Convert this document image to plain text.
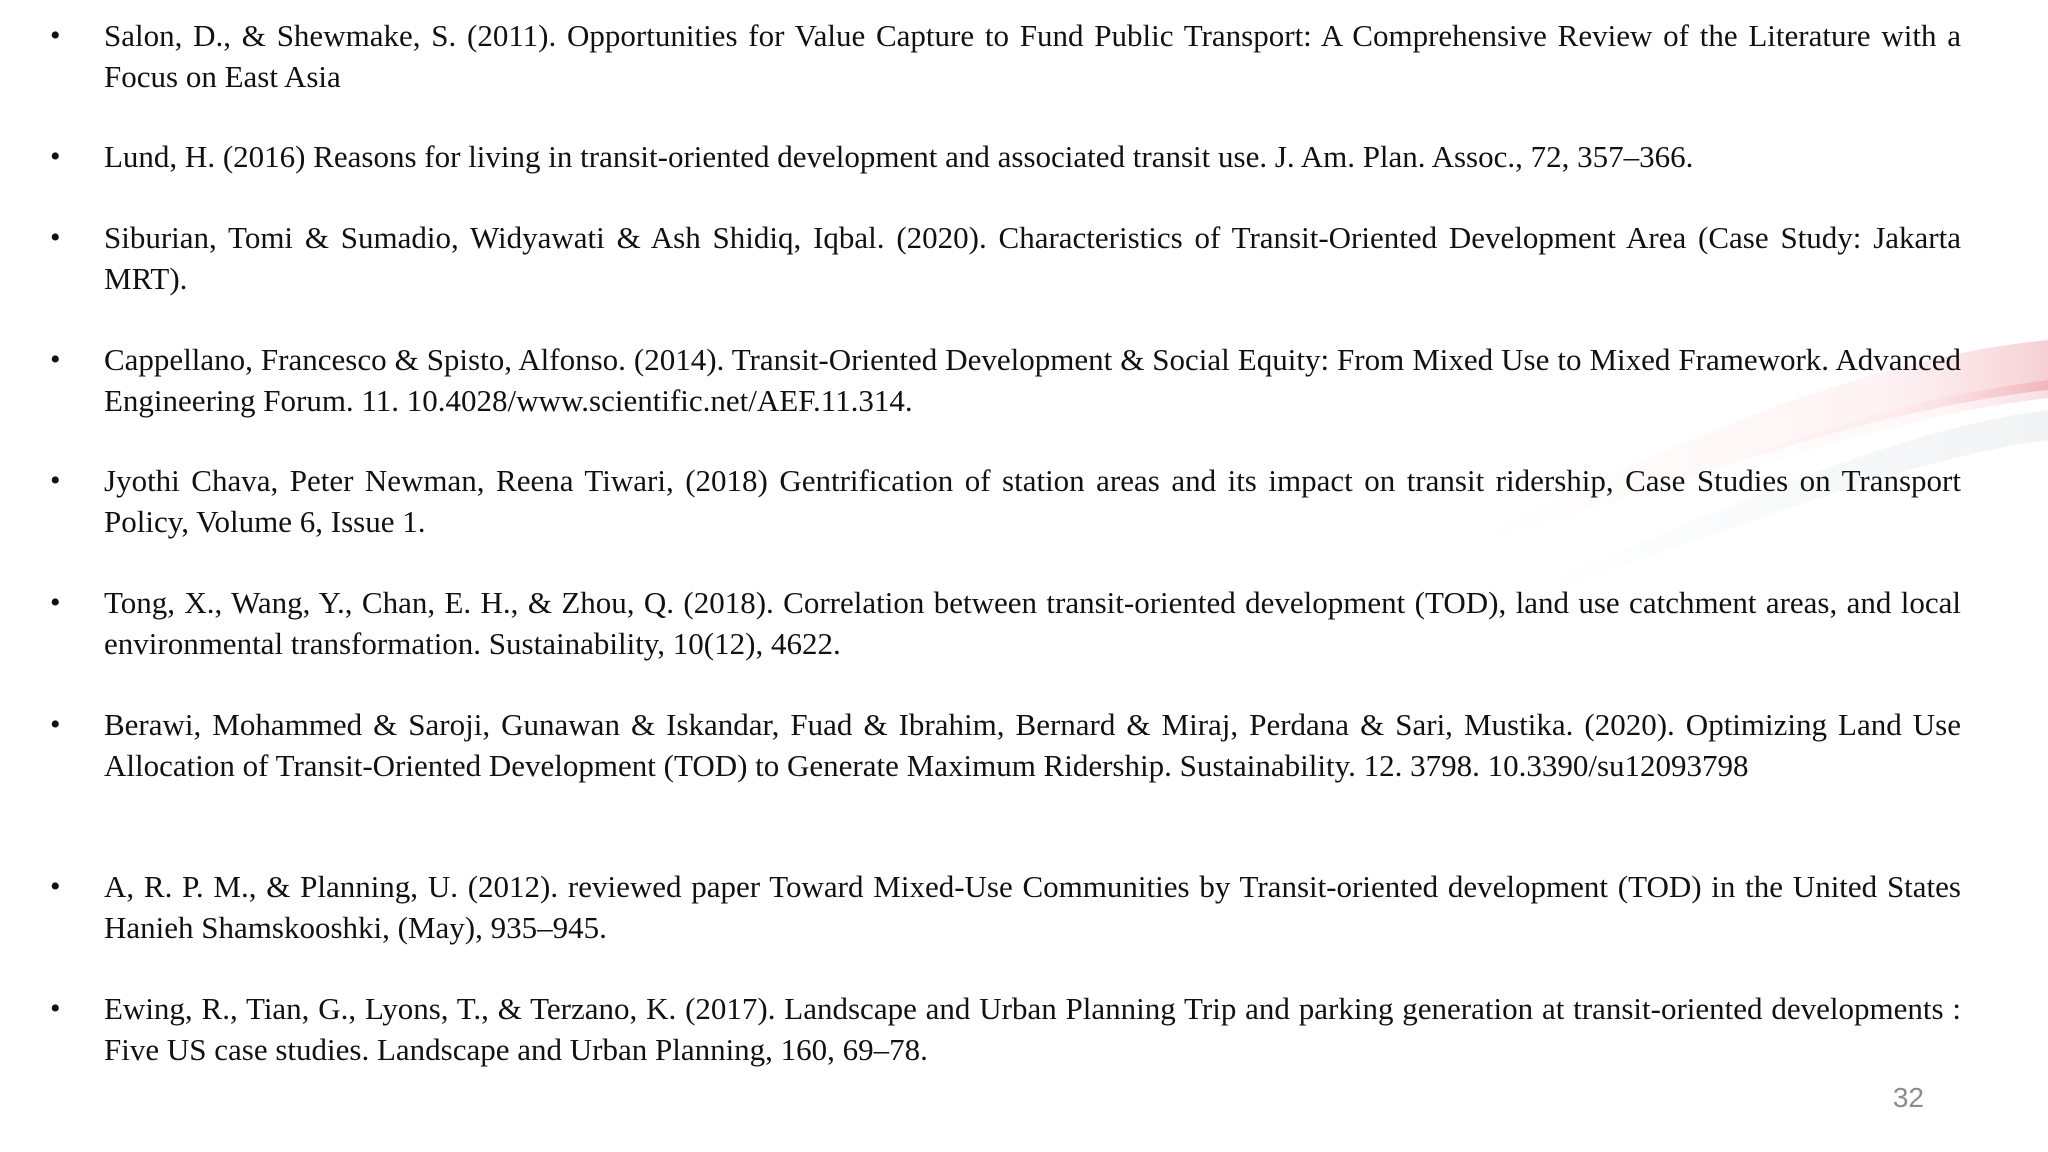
• Salon, D., & Shewmake, S. (2011). Opportunities for Value Capture to Fund Public Transport: A Comprehensive Review of the Literature with a Focus on East Asia
• Lund, H. (2016) Reasons for living in transit-oriented development and associated transit use. J. Am. Plan. Assoc., 72, 357–366.
• Siburian, Tomi & Sumadio, Widyawati & Ash Shidiq, Iqbal. (2020). Characteristics of Transit-Oriented Development Area (Case Study: Jakarta MRT).
• Cappellano, Francesco & Spisto, Alfonso. (2014). Transit-Oriented Development & Social Equity: From Mixed Use to Mixed Framework. Advanced Engineering Forum. 11. 10.4028/www.scientific.net/AEF.11.314.
• Jyothi Chava, Peter Newman, Reena Tiwari, (2018) Gentrification of station areas and its impact on transit ridership, Case Studies on Transport Policy, Volume 6, Issue 1.
• Tong, X., Wang, Y., Chan, E. H., & Zhou, Q. (2018). Correlation between transit-oriented development (TOD), land use catchment areas, and local environmental transformation. Sustainability, 10(12), 4622.
• Berawi, Mohammed & Saroji, Gunawan & Iskandar, Fuad & Ibrahim, Bernard & Miraj, Perdana & Sari, Mustika. (2020). Optimizing Land Use Allocation of Transit-Oriented Development (TOD) to Generate Maximum Ridership. Sustainability. 12. 3798. 10.3390/su12093798
• A, R. P. M., & Planning, U. (2012). reviewed paper Toward Mixed-Use Communities by Transit-oriented development (TOD) in the United States Hanieh Shamskooshki, (May), 935–945.
• Ewing, R., Tian, G., Lyons, T., & Terzano, K. (2017). Landscape and Urban Planning Trip and parking generation at transit-oriented developments : Five US case studies. Landscape and Urban Planning, 160, 69–78.
32
